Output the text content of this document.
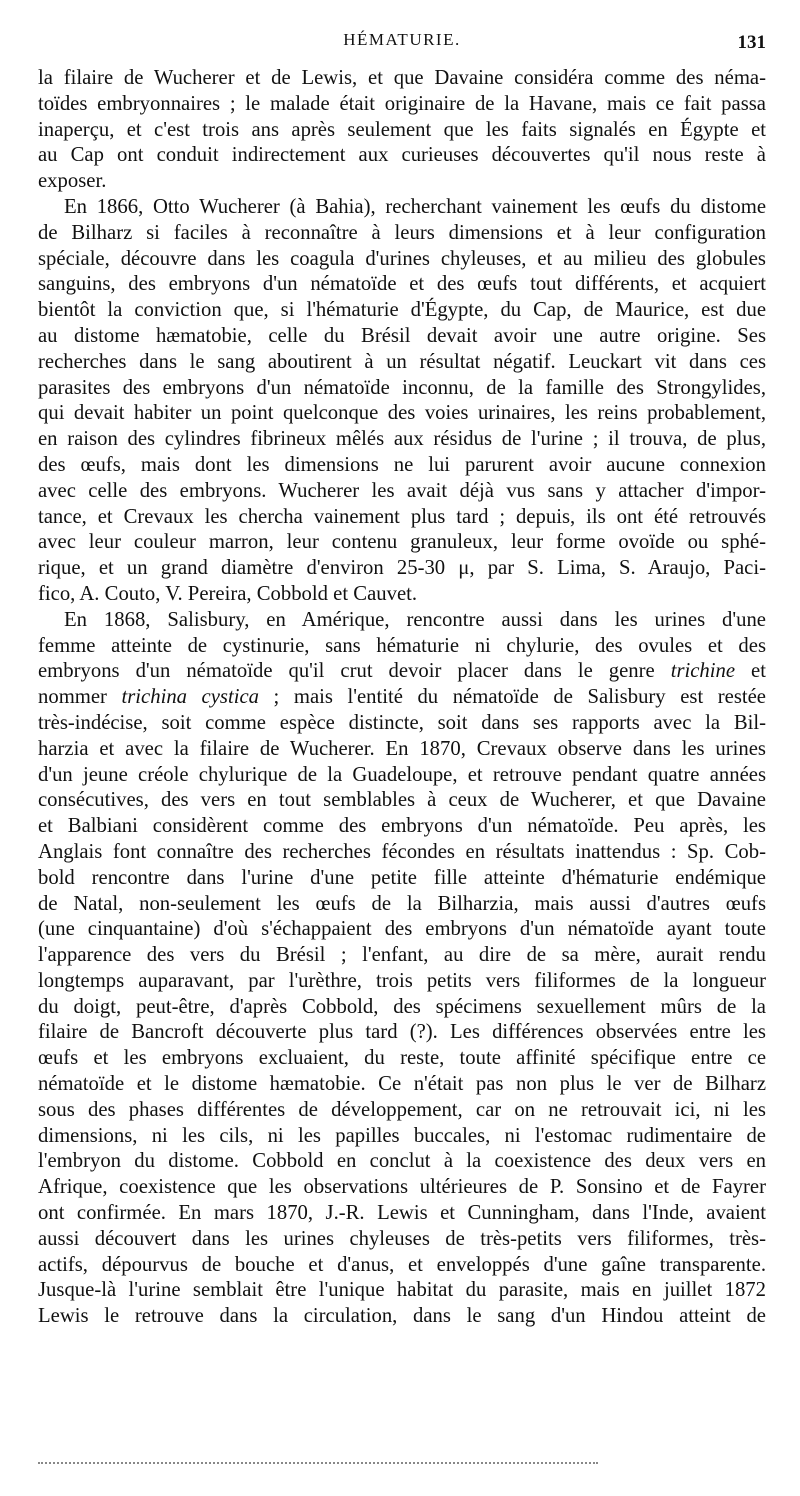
HÉMATURIE.	131

la filaire de Wucherer et de Lewis, et que Davaine considéra comme des néma-
toïdes embryonnaires ; le malade était originaire de la Havane, mais ce fait passa
inaperçu, et c'est trois ans après seulement que les faits signalés en Égypte et
au Cap ont conduit indirectement aux curieuses découvertes qu'il nous reste à
exposer.

En 1866, Otto Wucherer (à Bahia), recherchant vainement les œufs du distome
de Bilharz si faciles à reconnaître à leurs dimensions et à leur configuration
spéciale, découvre dans les coagula d'urines chyleuses, et au milieu des globules
sanguins, des embryons d'un nématoïde et des œufs tout différents, et acquiert
bientôt la conviction que, si l'hématurie d'Égypte, du Cap, de Maurice, est due
au distome hæmatobie, celle du Brésil devait avoir une autre origine. Ses
recherches dans le sang aboutirent à un résultat négatif. Leuckart vit dans ces
parasites des embryons d'un nématoïde inconnu, de la famille des Strongylides,
qui devait habiter un point quelconque des voies urinaires, les reins probablement,
en raison des cylindres fibrineux mêlés aux résidus de l'urine ; il trouva, de plus,
des œufs, mais dont les dimensions ne lui parurent avoir aucune connexion
avec celle des embryons. Wucherer les avait déjà vus sans y attacher d'impor-
tance, et Crevaux les chercha vainement plus tard ; depuis, ils ont été retrouvés
avec leur couleur marron, leur contenu granuleux, leur forme ovoïde ou sphé-
rique, et un grand diamètre d'environ 25-30 μ, par S. Lima, S. Araujo, Paci-
fico, A. Couto, V. Pereira, Cobbold et Cauvet.

En 1868, Salisbury, en Amérique, rencontre aussi dans les urines d'une
femme atteinte de cystinurie, sans hématurie ni chylurie, des ovules et des
embryons d'un nématoïde qu'il crut devoir placer dans le genre trichine et
nommer trichina cystica ; mais l'entité du nématoïde de Salisbury est restée
très-indécise, soit comme espèce distincte, soit dans ses rapports avec la Bil-
harzia et avec la filaire de Wucherer. En 1870, Crevaux observe dans les urines
d'un jeune créole chylurique de la Guadeloupe, et retrouve pendant quatre années
consécutives, des vers en tout semblables à ceux de Wucherer, et que Davaine
et Balbiani considèrent comme des embryons d'un nématoïde. Peu après, les
Anglais font connaître des recherches fécondes en résultats inattendus : Sp. Cob-
bold rencontre dans l'urine d'une petite fille atteinte d'hématurie endémique
de Natal, non-seulement les œufs de la Bilharzia, mais aussi d'autres œufs
(une cinquantaine) d'où s'échappaient des embryons d'un nématoïde ayant toute
l'apparence des vers du Brésil ; l'enfant, au dire de sa mère, aurait rendu
longtemps auparavant, par l'urèthre, trois petits vers filiformes de la longueur
du doigt, peut-être, d'après Cobbold, des spécimens sexuellement mûrs de la
filaire de Bancroft découverte plus tard (?). Les différences observées entre les
œufs et les embryons excluaient, du reste, toute affinité spécifique entre ce
nématoïde et le distome hæmatobie. Ce n'était pas non plus le ver de Bilharz
sous des phases différentes de développement, car on ne retrouvait ici, ni les
dimensions, ni les cils, ni les papilles buccales, ni l'estomac rudimentaire de
l'embryon du distome. Cobbold en conclut à la coexistence des deux vers en
Afrique, coexistence que les observations ultérieures de P. Sonsino et de Fayrer
ont confirmée. En mars 1870, J.-R. Lewis et Cunningham, dans l'Inde, avaient
aussi découvert dans les urines chyleuses de très-petits vers filiformes, très-
actifs, dépourvus de bouche et d'anus, et enveloppés d'une gaîne transparente.
Jusque-là l'urine semblait être l'unique habitat du parasite, mais en juillet 1872
Lewis le retrouve dans la circulation, dans le sang d'un Hindou atteint de
